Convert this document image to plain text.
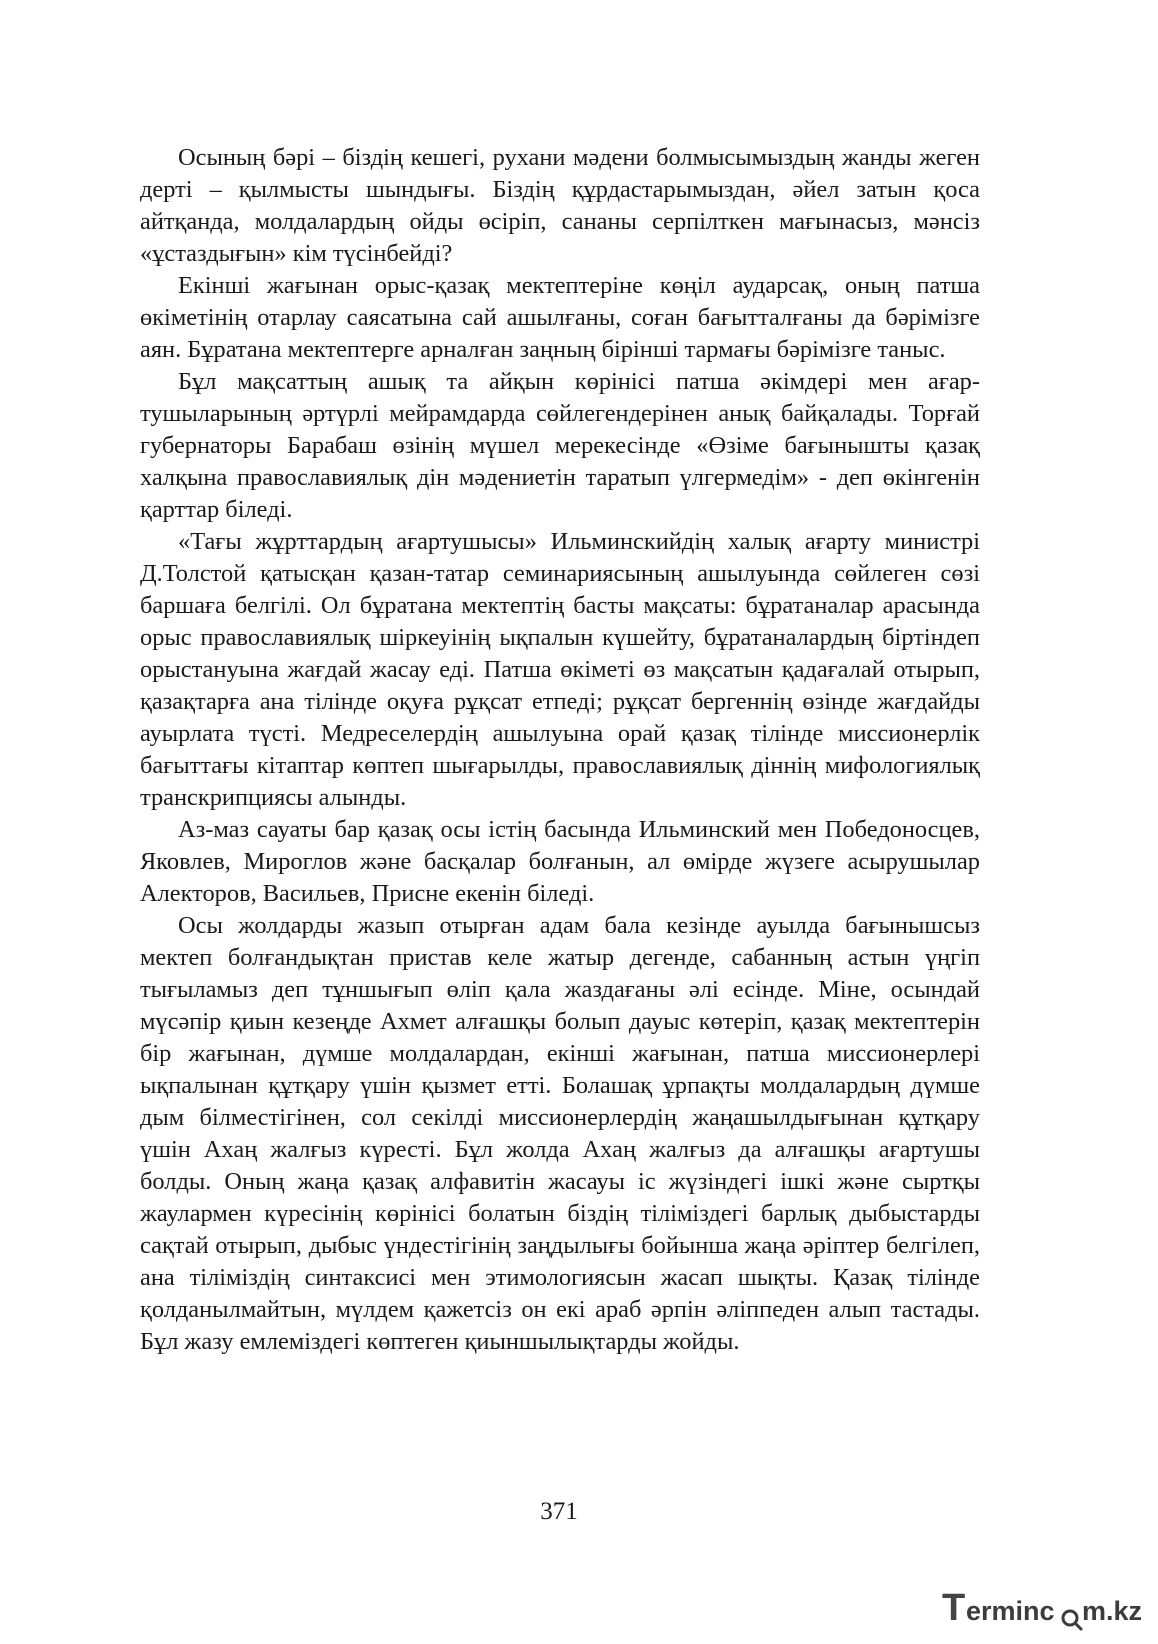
Осының бәрі – біздің кешегі, рухани мәдени болмысымыздың жанды жеген дерті – қылмысты шындығы. Біздің құрдастарымыздан, әйел затын қоса айтқанда, молдалардың ойды өсіріп, сананы серпілткен мағынасыз, мәнсіз «ұстаздығын» кім түсінбейді?

Екінші жағынан орыс-қазақ мектептеріне көңіл аударсақ, оның патша өкіметінің отарлау саясатына сай ашылғаны, соған бағытталғаны да бәрімізге аян. Бұратана мектептерге арналған заңның бірінші тармағы бәрімізге таныс.

Бұл мақсаттың ашық та айқын көрінісі патша әкімдері мен ағартушыларының әртүрлі мейрамдарда сөйлегендерінен анық байқалады. Торғай губернаторы Барабаш өзінің мүшел мерекесінде «Өзіме бағынышты қазақ халқына православиялық дін мәдениетін таратып үлгермедім» - деп өкінгенін қарттар біледі.

«Тағы жұрттардың ағартушысы» Ильминскийдің халық ағарту министрі Д.Толстой қатысқан қазан-татар семинариясының ашылуында сөйлеген сөзі баршаға белгілі. Ол бұратана мектептің басты мақсаты: бұратаналар арасында орыс православиялық шіркеуінің ықпалын күшейту, бұратаналардың біртіндеп орыстануына жағдай жасау еді. Патша өкіметі өз мақсатын қадағалай отырып, қазақтарға ана тілінде оқуға рұқсат етпеді; рұқсат бергеннің өзінде жағдайды ауырлата түсті. Медреселердің ашылуына орай қазақ тілінде миссионерлік бағыттағы кітаптар көптеп шығарылды, православиялық діннің мифологиялық транскрипциясы алынды.

Аз-маз сауаты бар қазақ осы істің басында Ильминский мен Победоносцев, Яковлев, Мироглов және басқалар болғанын, ал өмірде жүзеге асырушылар Алекторов, Васильев, Присне екенін біледі.

Осы жолдарды жазып отырған адам бала кезінде ауылда бағынышсыз мектеп болғандықтан пристав келе жатыр дегенде, сабанның астын үңгіп тығыламыз деп тұншығып өліп қала жаздағаны әлі есінде. Міне, осындай мүсәпір қиын кезеңде Ахмет алғашқы болып дауыс көтеріп, қазақ мектептерін бір жағынан, дүмше молдалардан, екінші жағынан, патша миссионерлері ықпалынан құтқару үшін қызмет етті. Болашақ ұрпақты молдалардың дүмше дым білместігінен, сол секілді миссионерлердің жаңашылдығынан құтқару үшін Ахаң жалғыз күресті. Бұл жолда Ахаң жалғыз да алғашқы ағартушы болды. Оның жаңа қазақ алфавитін жасауы іс жүзіндегі ішкі және сыртқы жаулармен күресінің көрінісі болатын біздің тіліміздегі барлық дыбыстарды сақтай отырып, дыбыс үндестігінің заңдылығы бойынша жаңа әріптер белгілеп, ана тіліміздің синтаксисі мен этимологиясын жасап шықты. Қазақ тілінде қолданылмайтын, мүлдем қажетсіз он екі араб әрпін әліппеден алып тастады. Бұл жазу емлеміздегі көптеген қиыншылықтарды жойды.

371
T erminc m.kz
